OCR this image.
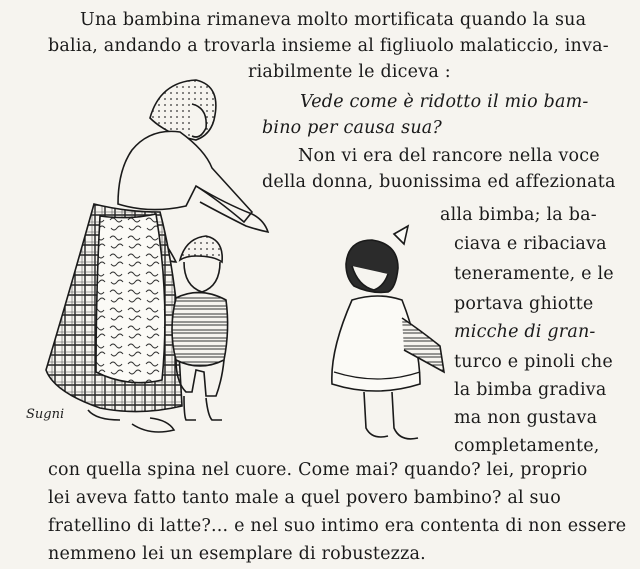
Sugni
Una bambina rimaneva molto mortificata quando la sua
balia, andando a trovarla insieme al figliuolo malaticcio, inva-
riabilmente le diceva :
Vede come è ridotto il mio bam-
bino per causa sua?
Non vi era del rancore nella voce
della donna, buonissima ed affezionata
alla bimba; la ba-
ciava e ribaciava
teneramente, e le
portava ghiotte
micche di gran-
turco e pinoli che
la bimba gradiva
ma non gustava
completamente,
con quella spina nel cuore. Come mai? quando? lei, proprio
lei aveva fatto tanto male a quel povero bambino? al suo
fratellino di latte?... e nel suo intimo era contenta di non essere
nemmeno lei un esemplare di robustezza.
